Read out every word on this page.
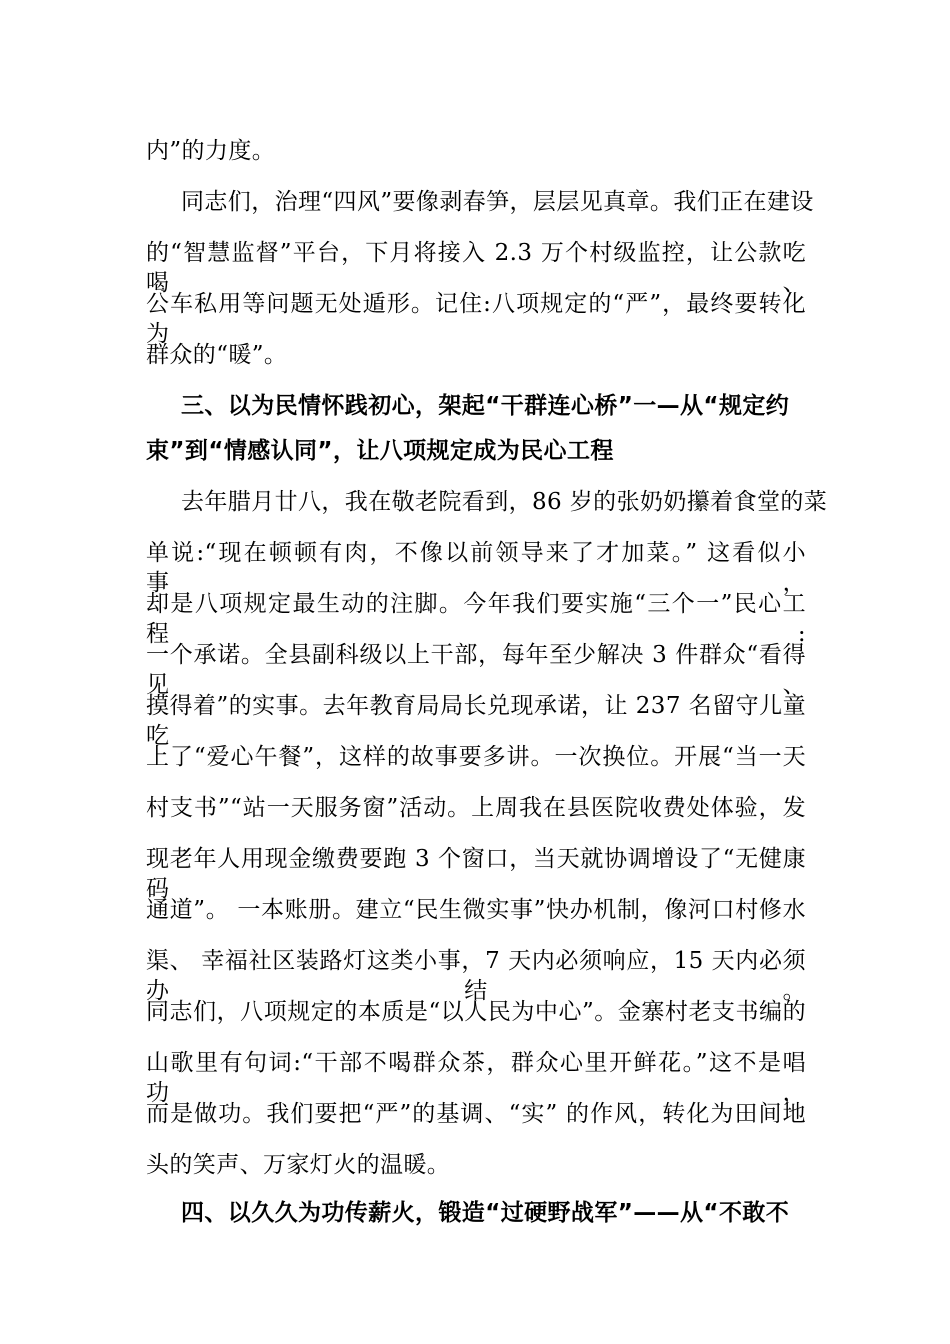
内”的力度。
同志们，治理“四风”要像剥春笋，层层见真章。我们正在建设
的“智慧监督”平台，下月将接入 2.3 万个村级监控，让公款吃喝、
公车私用等问题无处遁形。记住:八项规定的“严”，最终要转化为
群众的“暖”。
三、以为民情怀践初心，架起“干群连心桥”一—从“规定约
束”到“情感认同”，让八项规定成为民心工程
去年腊月廿八，我在敬老院看到，86 岁的张奶奶攥着食堂的菜
单说:“现在顿顿有肉，不像以前领导来了才加菜。” 这看似小事，
却是八项规定最生动的注脚。今年我们要实施“三个一”民心工程:
一个承诺。全县副科级以上干部，每年至少解决 3 件群众“看得见、
摸得着”的实事。去年教育局局长兑现承诺，让 237 名留守儿童吃
上了“爱心午餐”，这样的故事要多讲。一次换位。开展“当一天
村支书”“站一天服务窗”活动。上周我在县医院收费处体验，发
现老年人用现金缴费要跑 3 个窗口，当天就协调增设了“无健康码
通道”。 一本账册。建立“民生微实事”快办机制，像河口村修水
渠、 幸福社区装路灯这类小事，7 天内必须响应，15 天内必须办结。
同志们，八项规定的本质是“以人民为中心”。金寨村老支书编的
山歌里有句词:“干部不喝群众茶，群众心里开鲜花。”这不是唱功，
而是做功。我们要把“严”的基调、“实” 的作风，转化为田间地
头的笑声、万家灯火的温暖。
四、以久久为功传薪火，锻造“过硬野战军”——从“不敢不
